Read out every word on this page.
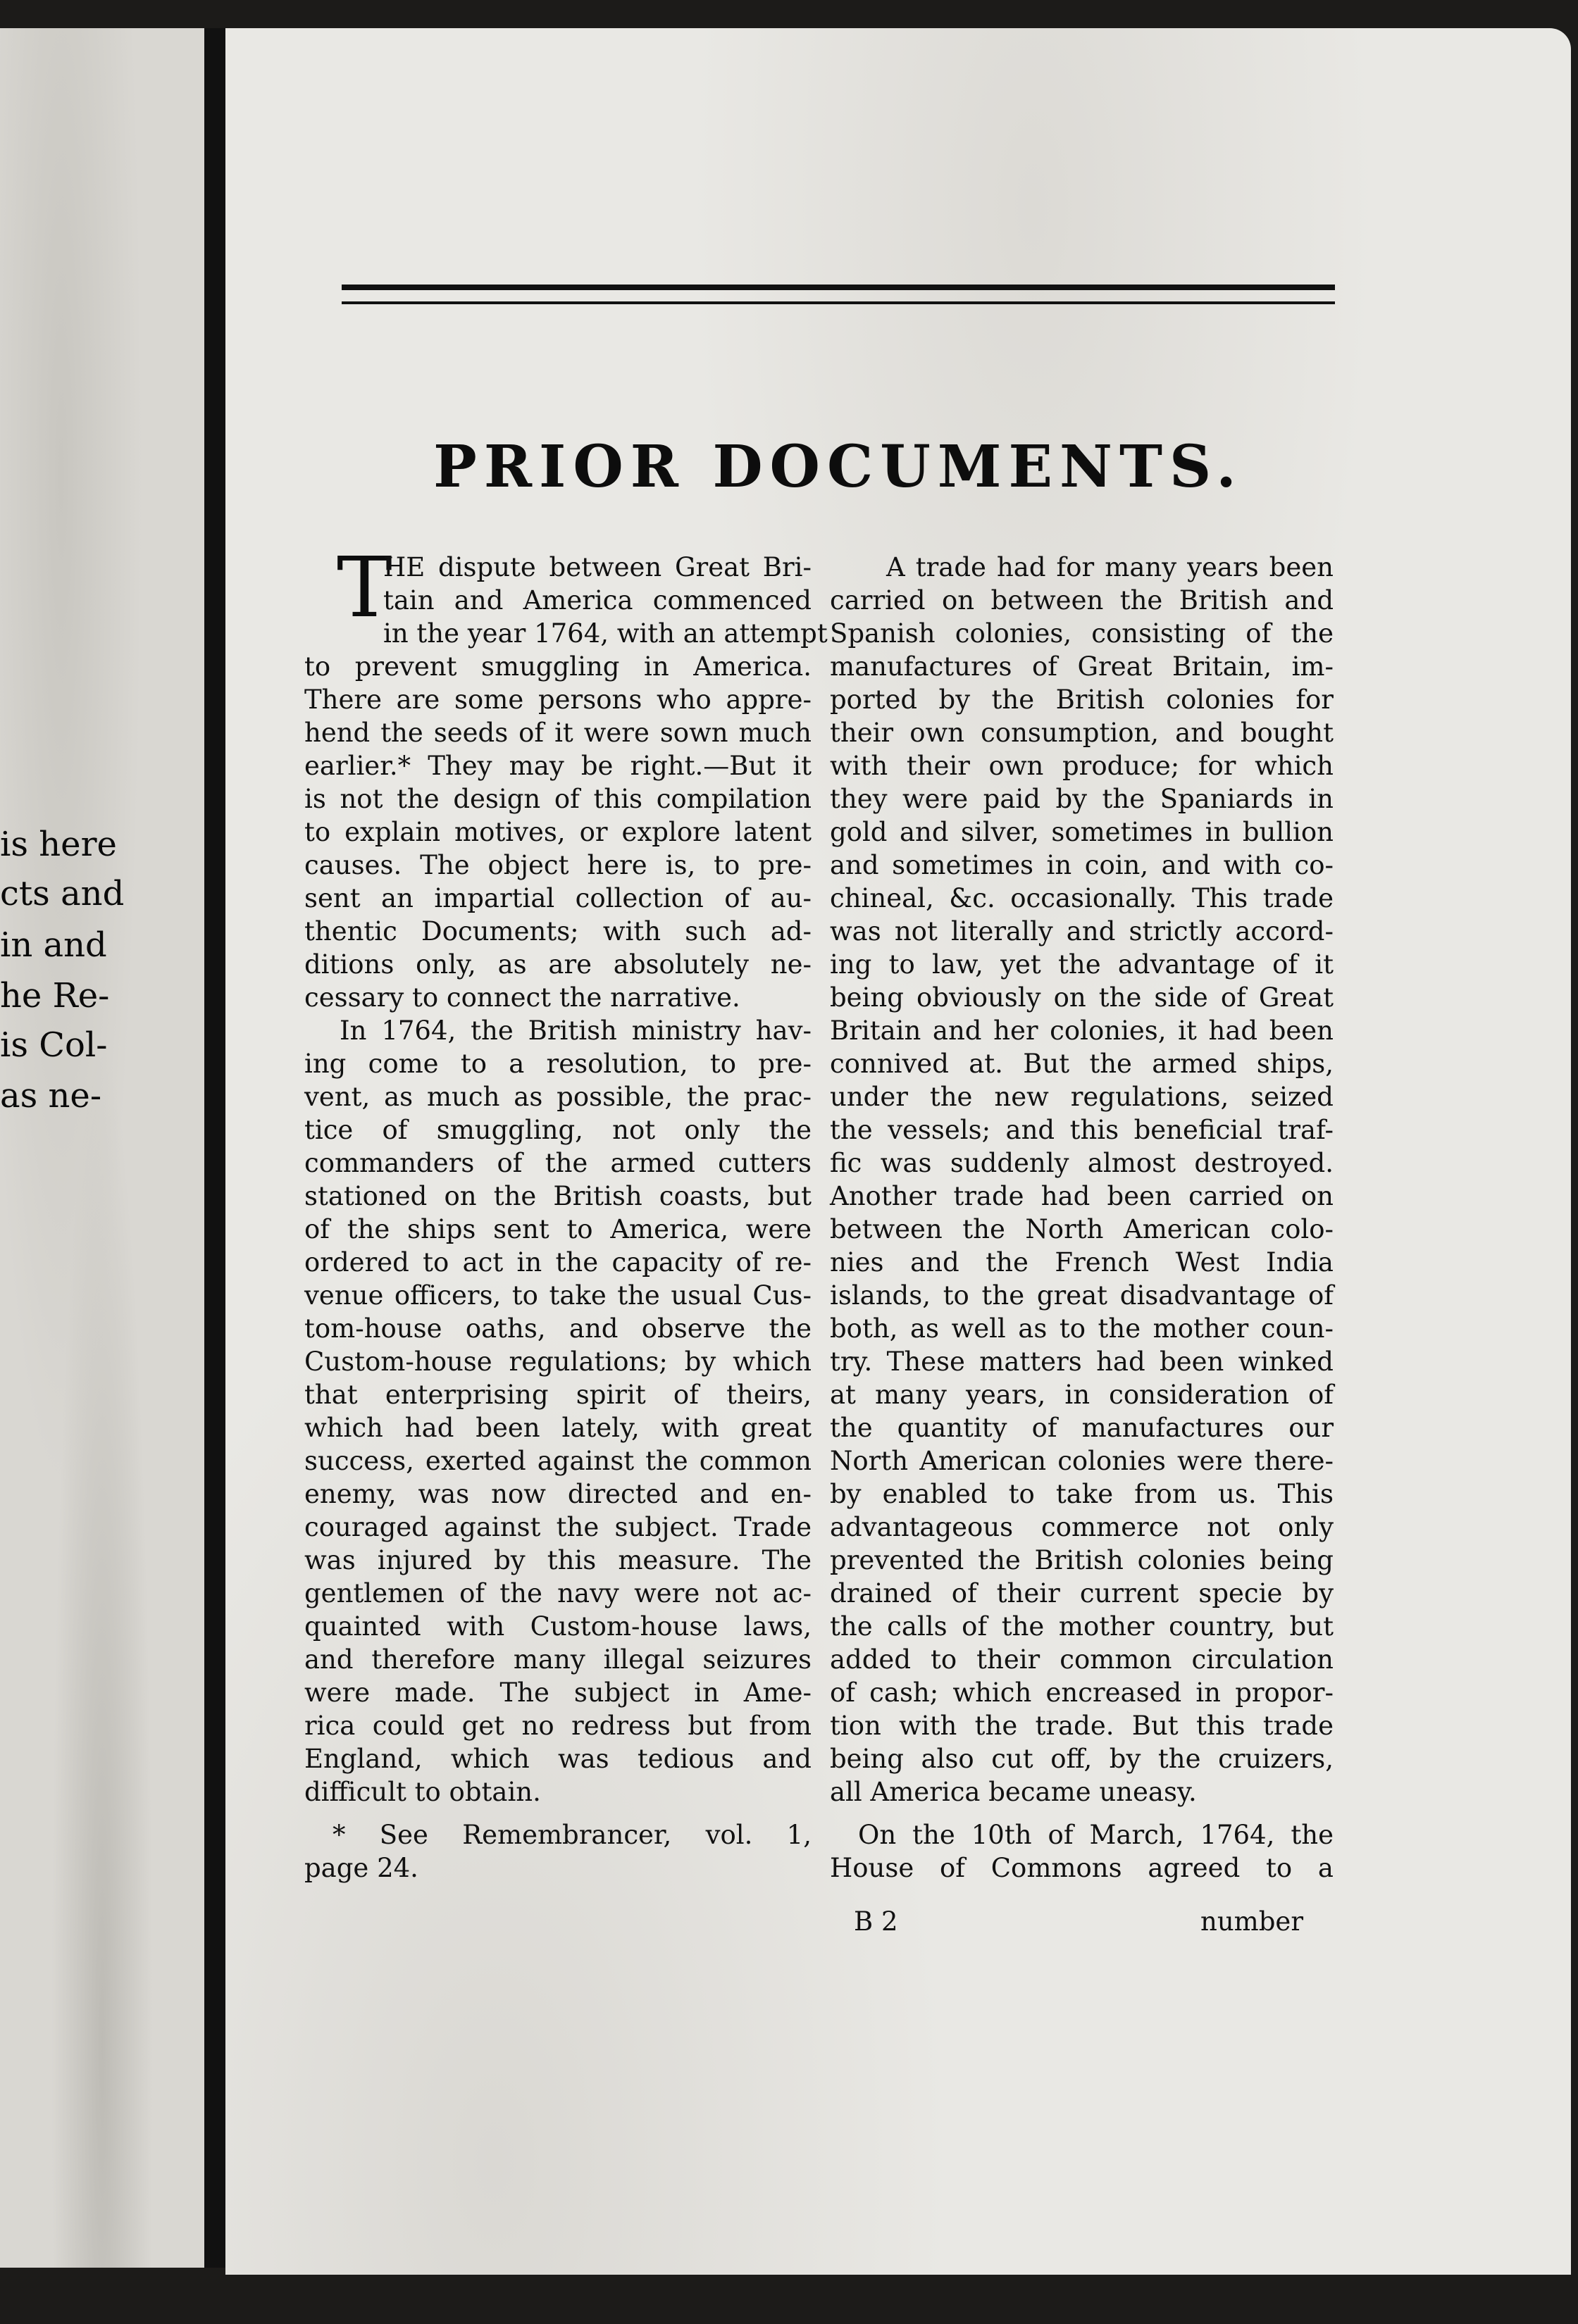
is here
cts and
in and
he Re-
is Col-
as ne-
PRIOR DOCUMENTS.
T
HE dispute between Great Bri-
tain and America commenced
in the year 1764, with an attempt
to prevent smuggling in America.
There are some persons who appre-
hend the seeds of it were sown much
earlier.* They may be right.—But it
is not the design of this compilation
to explain motives, or explore latent
causes. The object here is, to pre-
sent an impartial collection of au-
thentic Documents; with such ad-
ditions only, as are absolutely ne-
cessary to connect the narrative.
In 1764, the British ministry hav-
ing come to a resolution, to pre-
vent, as much as possible, the prac-
tice of smuggling, not only the
commanders of the armed cutters
stationed on the British coasts, but
of the ships sent to America, were
ordered to act in the capacity of re-
venue officers, to take the usual Cus-
tom-house oaths, and observe the
Custom-house regulations; by which
that enterprising spirit of theirs,
which had been lately, with great
success, exerted against the common
enemy, was now directed and en-
couraged against the subject. Trade
was injured by this measure. The
gentlemen of the navy were not ac-
quainted with Custom-house laws,
and therefore many illegal seizures
were made. The subject in Ame-
rica could get no redress but from
England, which was tedious and
difficult to obtain.
* See Remembrancer, vol. 1,
page 24.
A trade had for many years been
carried on between the British and
Spanish colonies, consisting of the
manufactures of Great Britain, im-
ported by the British colonies for
their own consumption, and bought
with their own produce; for which
they were paid by the Spaniards in
gold and silver, sometimes in bullion
and sometimes in coin, and with co-
chineal, &c. occasionally. This trade
was not literally and strictly accord-
ing to law, yet the advantage of it
being obviously on the side of Great
Britain and her colonies, it had been
connived at. But the armed ships,
under the new regulations, seized
the vessels; and this beneficial traf-
fic was suddenly almost destroyed.
Another trade had been carried on
between the North American colo-
nies and the French West India
islands, to the great disadvantage of
both, as well as to the mother coun-
try. These matters had been winked
at many years, in consideration of
the quantity of manufactures our
North American colonies were there-
by enabled to take from us. This
advantageous commerce not only
prevented the British colonies being
drained of their current specie by
the calls of the mother country, but
added to their common circulation
of cash; which encreased in propor-
tion with the trade. But this trade
being also cut off, by the cruizers,
all America became uneasy.
On the 10th of March, 1764, the
House of Commons agreed to a
B 2	number
